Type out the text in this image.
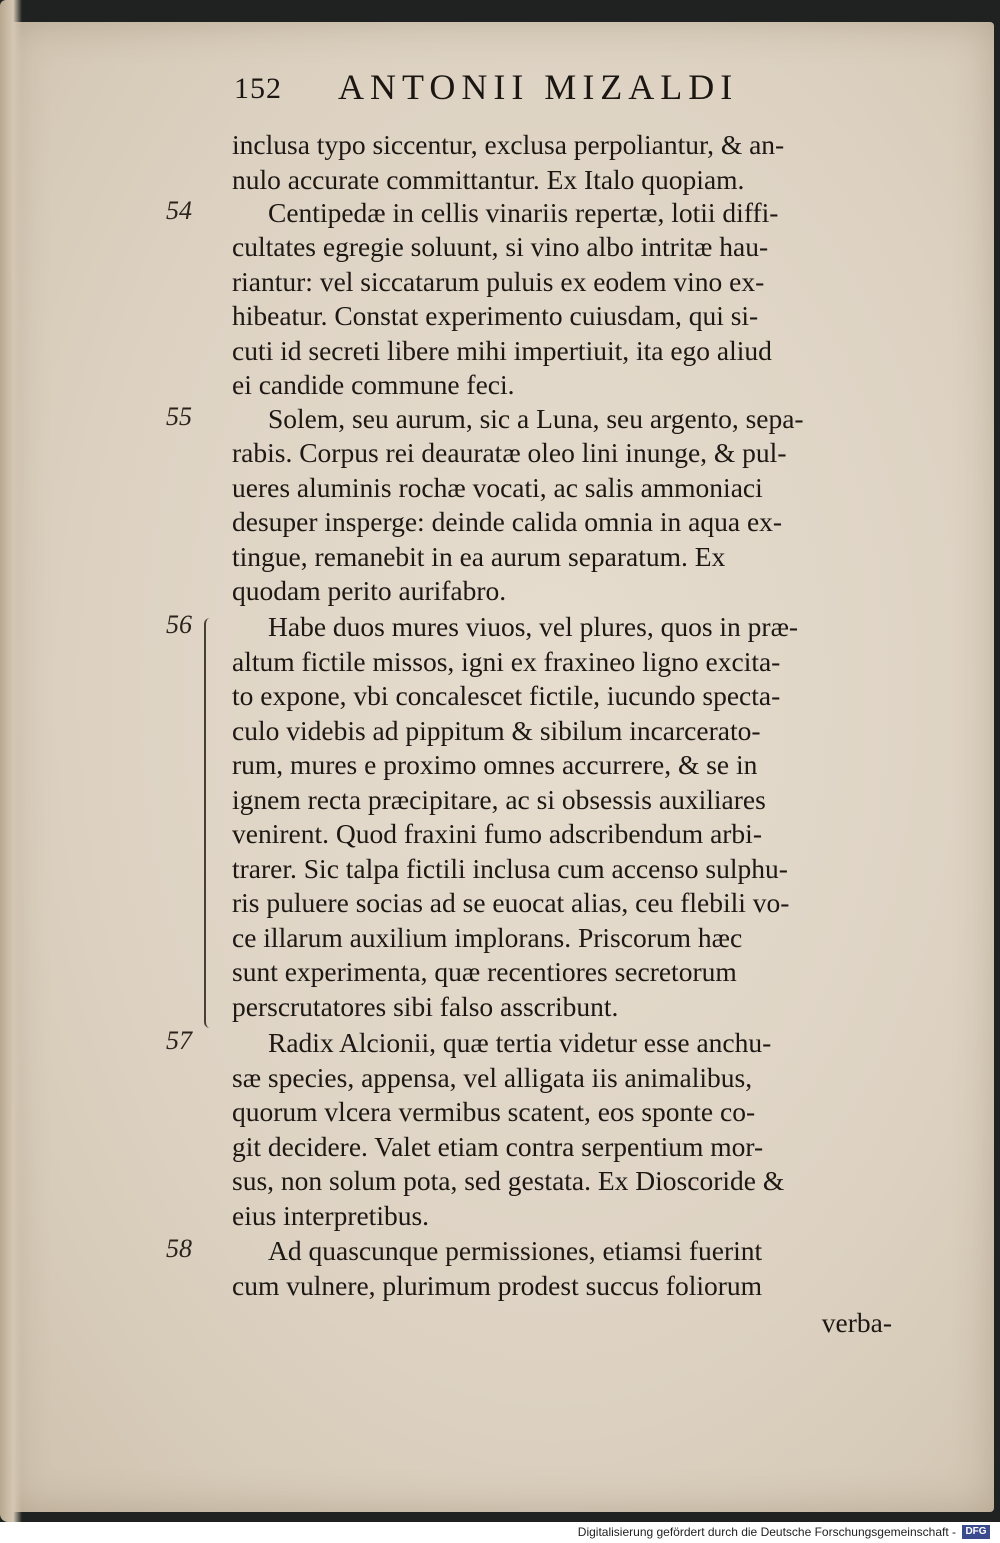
152 ANTONII MIZALDI
inclusa typo siccentur, exclusa perpoliantur, & an-
nulo accurate committantur. Ex Italo quopiam.
54	Centipedæ in cellis vinariis repertæ, lotii diffi-
cultates egregie soluunt, si vino albo intritæ hau-
riantur: vel siccatarum puluis ex eodem vino ex-
hibeatur. Constat experimento cuiusdam, qui si-
cuti id secreti libere mihi impertiuit, ita ego aliud
ei candide commune feci.
55	Solem, seu aurum, sic a Luna, seu argento, sepa-
rabis. Corpus rei deauratæ oleo lini inunge, & pul-
ueres aluminis rochæ vocati, ac salis ammoniaci
desuper insperge: deinde calida omnia in aqua ex-
tingue, remanebit in ea aurum separatum. Ex
quodam perito aurifabro.
56	Habe duos mures viuos, vel plures, quos in præ-
altum fictile missos, igni ex fraxineo ligno excita-
to expone, vbi concalescet fictile, iucundo specta-
culo videbis ad pippitum & sibilum incarcerato-
rum, mures e proximo omnes accurrere, & se in
ignem recta præcipitare, ac si obsessis auxiliares
venirent. Quod fraxini fumo adscribendum arbi-
trarer. Sic talpa fictili inclusa cum accenso sulphu-
ris puluere socias ad se euocat alias, ceu flebili vo-
ce illarum auxilium implorans. Priscorum hæc
sunt experimenta, quæ recentiores secretorum
perscrutatores sibi falso asscribunt.
57	Radix Alcionii, quæ tertia videtur esse anchu-
sæ species, appensa, vel alligata iis animalibus,
quorum vlcera vermibus scatent, eos sponte co-
git decidere. Valet etiam contra serpentium mor-
sus, non solum pota, sed gestata. Ex Dioscoride &
eius interpretibus.
58	Ad quascunque permissiones, etiamsi fuerint
cum vulnere, plurimum prodest succus foliorum
verba-
Digitalisierung gefördert durch die Deutsche Forschungsgemeinschaft - DFG
